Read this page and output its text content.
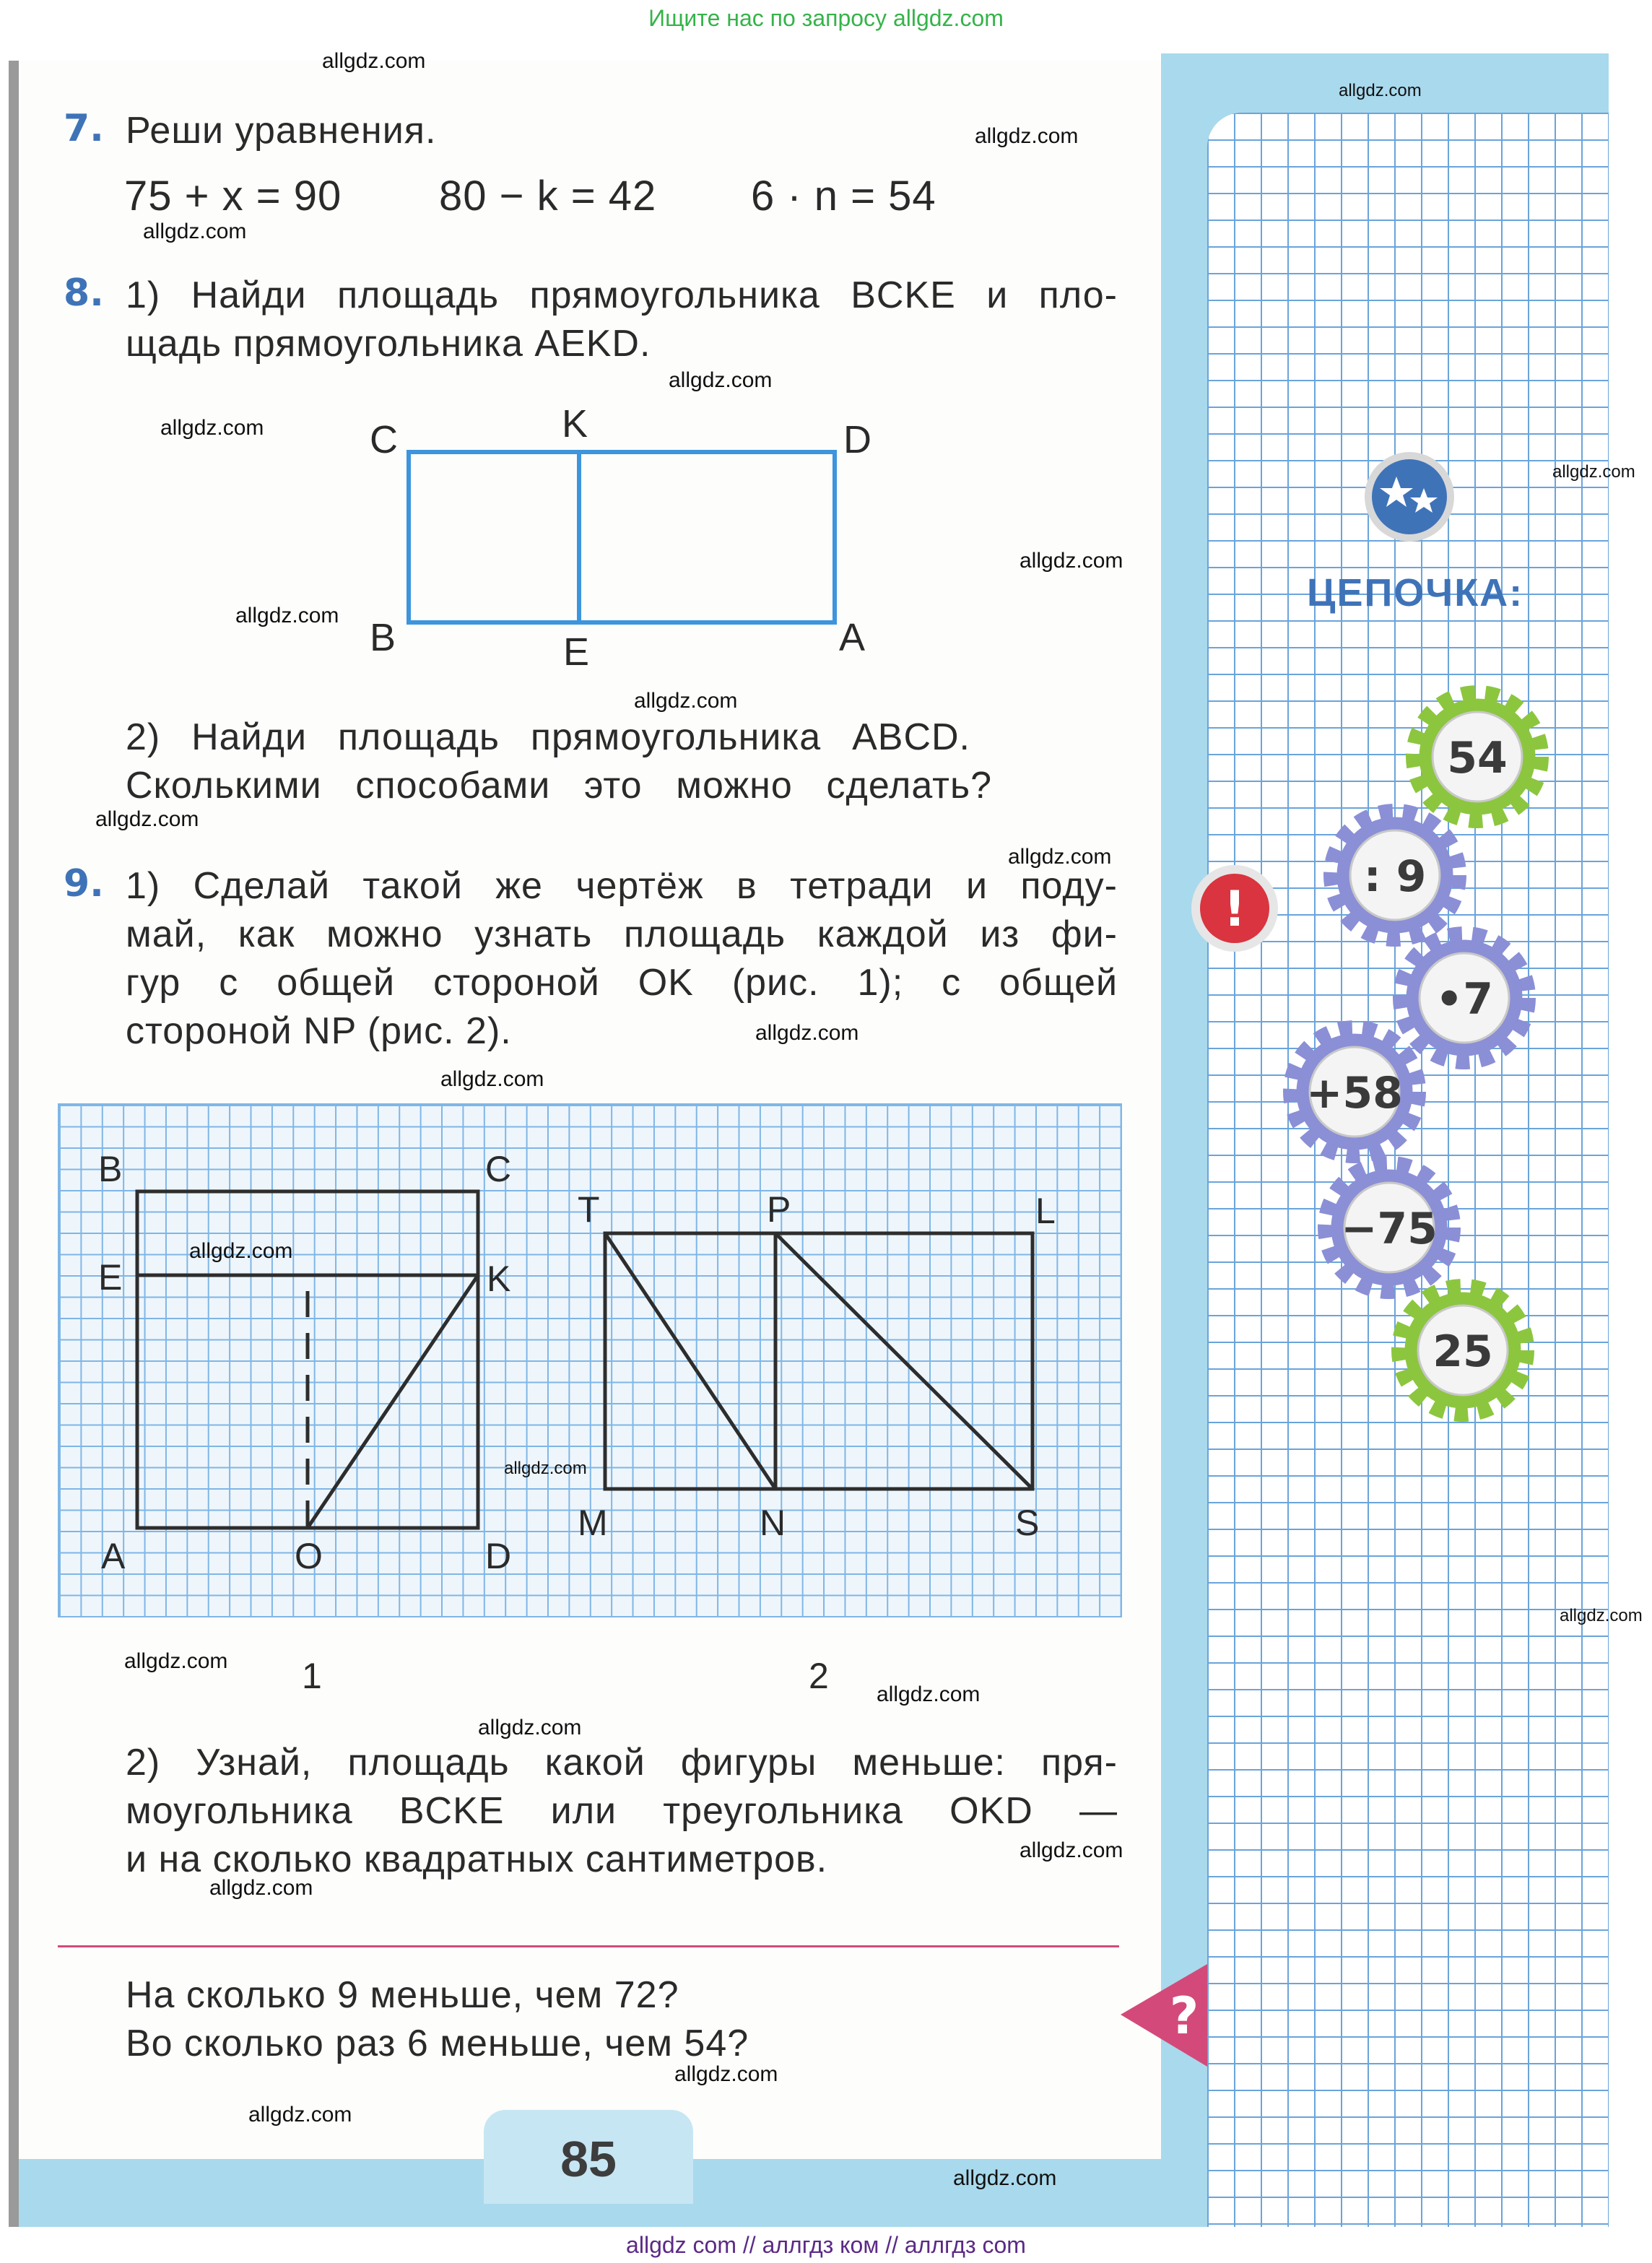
Ищите нас по запросу allgdz.com
85
allgdz com // аллгдз ком // аллгдз com
7. Реши уравнения.
75 + x = 90 80 − k = 42 6 · n = 54
8. 1) Найди площадь прямоугольника BCKE и пло-
щадь прямоугольника AEKD.
C	K	D
B	E	A
2) Найди площадь прямоугольника ABCD.
Сколькими способами это можно сделать?
9. 1) Сделай такой же чертёж в тетради и поду-
май, как можно узнать площадь каждой из фи-
гур с общей стороной OK (рис. 1); с общей
стороной NP (рис. 2).
B	C
E	K
A	O	D
T	P	L
M	N	S
1	2
2) Узнай, площадь какой фигуры меньше: пря-
моугольника BCKE или треугольника OKD —
и на сколько квадратных сантиметров.
На сколько 9 меньше, чем 72?
Во сколько раз 6 меньше, чем 54?
ЦЕПОЧКА:
!
54
: 9
•7
+58
−75
25
?
allgdz.com
allgdz.com
allgdz.com
allgdz.com
allgdz.com
allgdz.com
allgdz.com
allgdz.com
allgdz.com
allgdz.com
allgdz.com
allgdz.com
allgdz.com
allgdz.com
allgdz.com
allgdz.com
allgdz.com
allgdz.com
allgdz.com
allgdz.com
allgdz.com
allgdz.com
allgdz.com
allgdz.com
allgdz.com
